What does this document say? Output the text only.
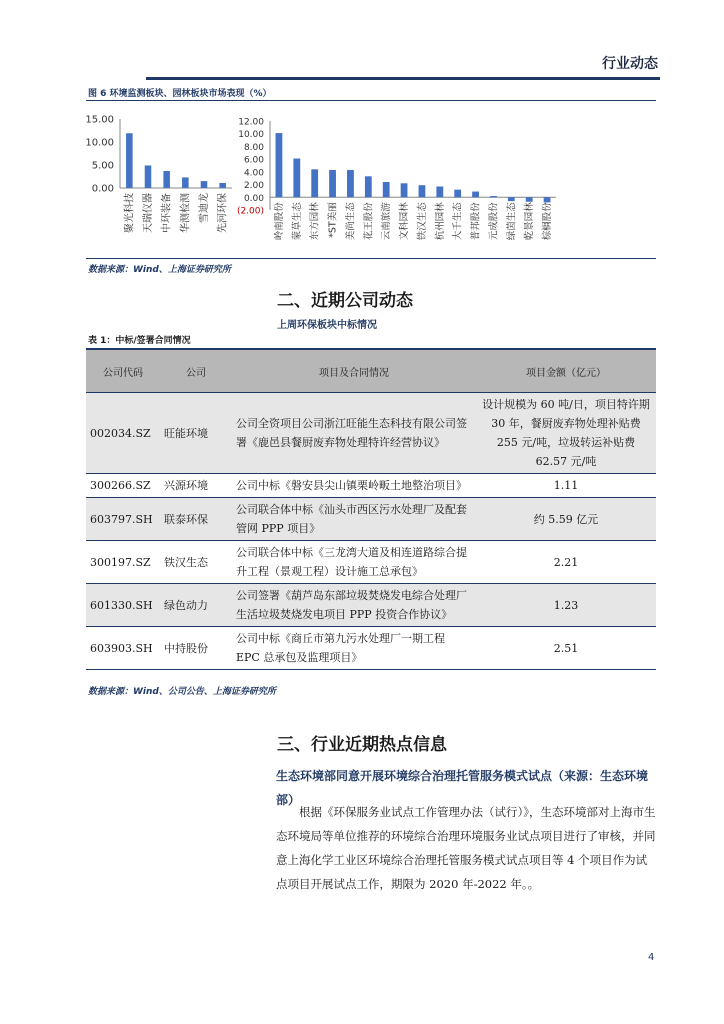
行业动态
图 6 环境监测板块、园林板块市场表现（%）
15.00
10.00
5.00
0.00
聚光科技 天瑞仪器 中环装备 华测检测 雪迪龙 先河环保
12.00
10.00
8.00
6.00
4.00
2.00
0.00
(2.00) 岭南股份 蒙草生态 东方园林 *ST美丽 美尚生态 花王股份 云南旅游 文科园林 铁汉生态 杭州园林 大千生态 普邦股份 元成股份 绿茵生态 乾景园林 棕榈股份
数据来源：Wind、上海证券研究所
二、近期公司动态
上周环保板块中标情况
表 1：中标/签署合同情况
公司代码	公司	项目及合同情况	项目金额（亿元）
002034.SZ	旺能环境	公司全资项目公司浙江旺能生态科技有限公司签署《鹿邑县餐厨废弃物处理特许经营协议》	设计规模为 60 吨/日，项目特许期 30 年，餐厨废弃物处理补贴费 255 元/吨，垃圾转运补贴费 62.57 元/吨
300266.SZ	兴源环境	公司中标《磐安县尖山镇栗岭畈土地整治项目》	1.11
603797.SH	联泰环保	公司联合体中标《汕头市西区污水处理厂及配套管网 PPP 项目》	约 5.59 亿元
300197.SZ	铁汉生态	公司联合体中标《三龙湾大道及相连道路综合提升工程（景观工程）设计施工总承包》	2.21
601330.SH	绿色动力	公司签署《葫芦岛东部垃圾焚烧发电综合处理厂生活垃圾焚烧发电项目 PPP 投资合作协议》	1.23
603903.SH	中持股份	公司中标《商丘市第九污水处理厂一期工程 EPC 总承包及监理项目》	2.51
数据来源：Wind、公司公告、上海证券研究所
三、行业近期热点信息
生态环境部同意开展环境综合治理托管服务模式试点（来源：生态环境部）
根据《环保服务业试点工作管理办法（试行）》，生态环境部对上海市生态环境局等单位推荐的环境综合治理环境服务业试点项目进行了审核，并同意上海化学工业区环境综合治理托管服务模式试点项目等 4 个项目作为试点项目开展试点工作，期限为 2020 年-2022 年。。
4
